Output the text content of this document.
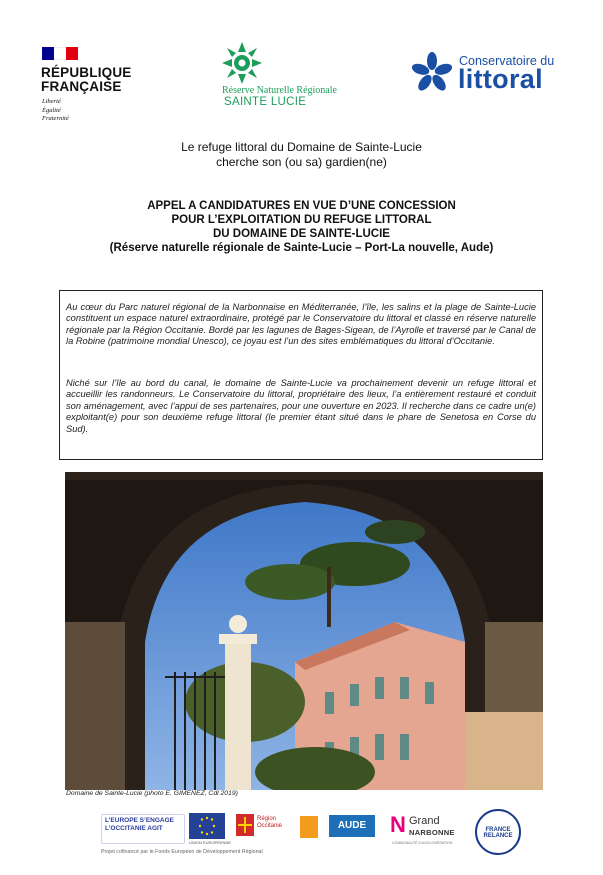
RÉPUBLIQUE
FRANÇAISE
Liberté
Égalité
Fraternité
Réserve Naturelle Régionale
SAINTE LUCIE
Conservatoire du
littoral
Le refuge littoral du Domaine de Sainte-Lucie
cherche son (ou sa) gardien(ne)
APPEL A CANDIDATURES EN VUE D’UNE CONCESSION
POUR L’EXPLOITATION DU REFUGE LITTORAL
DU DOMAINE DE SAINTE-LUCIE
(Réserve naturelle régionale de Sainte-Lucie – Port-La nouvelle, Aude)
Au cœur du Parc naturel régional de la Narbonnaise en Méditerranée, l’île, les salins et la plage de Sainte-Lucie constituent un espace naturel extraordinaire, protégé par le Conservatoire du littoral et classé en réserve naturelle régionale par la Région Occitanie. Bordé par les lagunes de Bages-Sigean, de l’Ayrolle et traversé par le Canal de la Robine (patrimoine mondial Unesco), ce joyau est l’un des sites emblématiques du littoral d’Occitanie.
Niché sur l’île au bord du canal, le domaine de Sainte-Lucie va prochainement devenir un refuge littoral et accueillir les randonneurs. Le Conservatoire du littoral, propriétaire des lieux, l’a entièrement restauré et conduit son aménagement, avec l’appui de ses partenaires, pour une ouverture en 2023. Il recherche dans ce cadre un(e) exploitant(e) pour son deuxième refuge littoral (le premier étant situé dans le phare de Senetosa en Corse du Sud).
Domaine de Sainte-Lucie (photo E. GIMENEZ, Cdl 2019)
L’EUROPE S’ENGAGE
L’OCCITANIE AGIT
UNION EUROPÉENNE
Région
Occitanie	AUDE	N Grand
NARBONNE
COMMUNAUTÉ D’AGGLOMÉRATION
FRANCE RELANCE
Projet cofinancé par le Fonds Européen de Développement Régional
